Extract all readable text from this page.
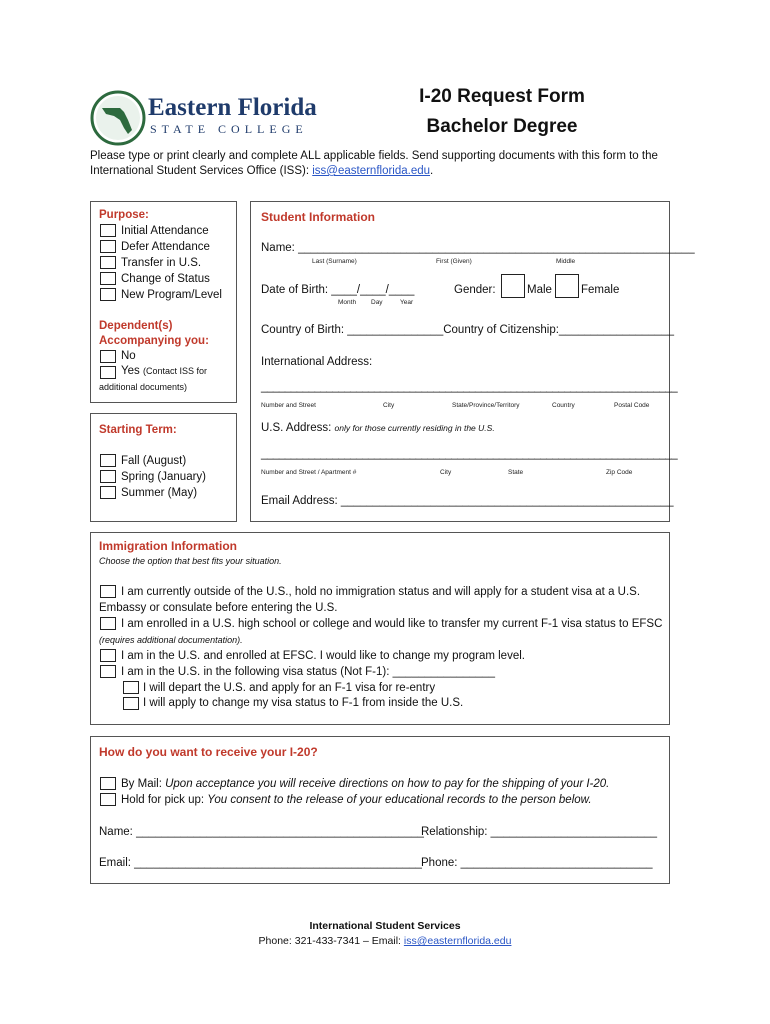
Eastern Florida
STATE COLLEGE
I-20 Request Form
Bachelor Degree
Please type or print clearly and complete ALL applicable fields. Send supporting documents with this form to the
International Student Services Office (ISS): iss@easternflorida.edu.
Purpose:
Initial Attendance
Defer Attendance
Transfer in U.S.
Change of Status
New Program/Level
Dependent(s)
Accompanying you:
No
Yes (Contact ISS for
additional documents)
Starting Term:
Fall (August)
Spring (January)
Summer (May)
Student Information
Name: ______________________________________________________________
Last (Surname)	First (Given)	Middle
Date of Birth: ____/____/____
Month Day	Year
Gender:	Male	Female
Country of Birth: _______________Country of Citizenship:__________________
International Address:
______________________________________________________________________
Number and Street	City	State/Province/Territory	Country	Postal Code
U.S. Address: only for those currently residing in the U.S.
______________________________________________________________________
Number and Street / Apartment #	City	State	Zip Code
Email Address: ____________________________________________________
Immigration Information
Choose the option that best fits your situation.
I am currently outside of the U.S., hold no immigration status and will apply for a student visa at a U.S.
Embassy or consulate before entering the U.S.
I am enrolled in a U.S. high school or college and would like to transfer my current F-1 visa status to EFSC
(requires additional documentation).
I am in the U.S. and enrolled at EFSC. I would like to change my program level.
I am in the U.S. in the following visa status (Not F-1): ________________
I will depart the U.S. and apply for an F-1 visa for re-entry
I will apply to change my visa status to F-1 from inside the U.S.
How do you want to receive your I-20?
By Mail: Upon acceptance you will receive directions on how to pay for the shipping of your I-20.
Hold for pick up: You consent to the release of your educational records to the person below.
Name: _____________________________________________
Relationship: __________________________
Email: _____________________________________________ Phone: ______________________________
International Student Services
Phone: 321-433-7341 – Email: iss@easternflorida.edu
